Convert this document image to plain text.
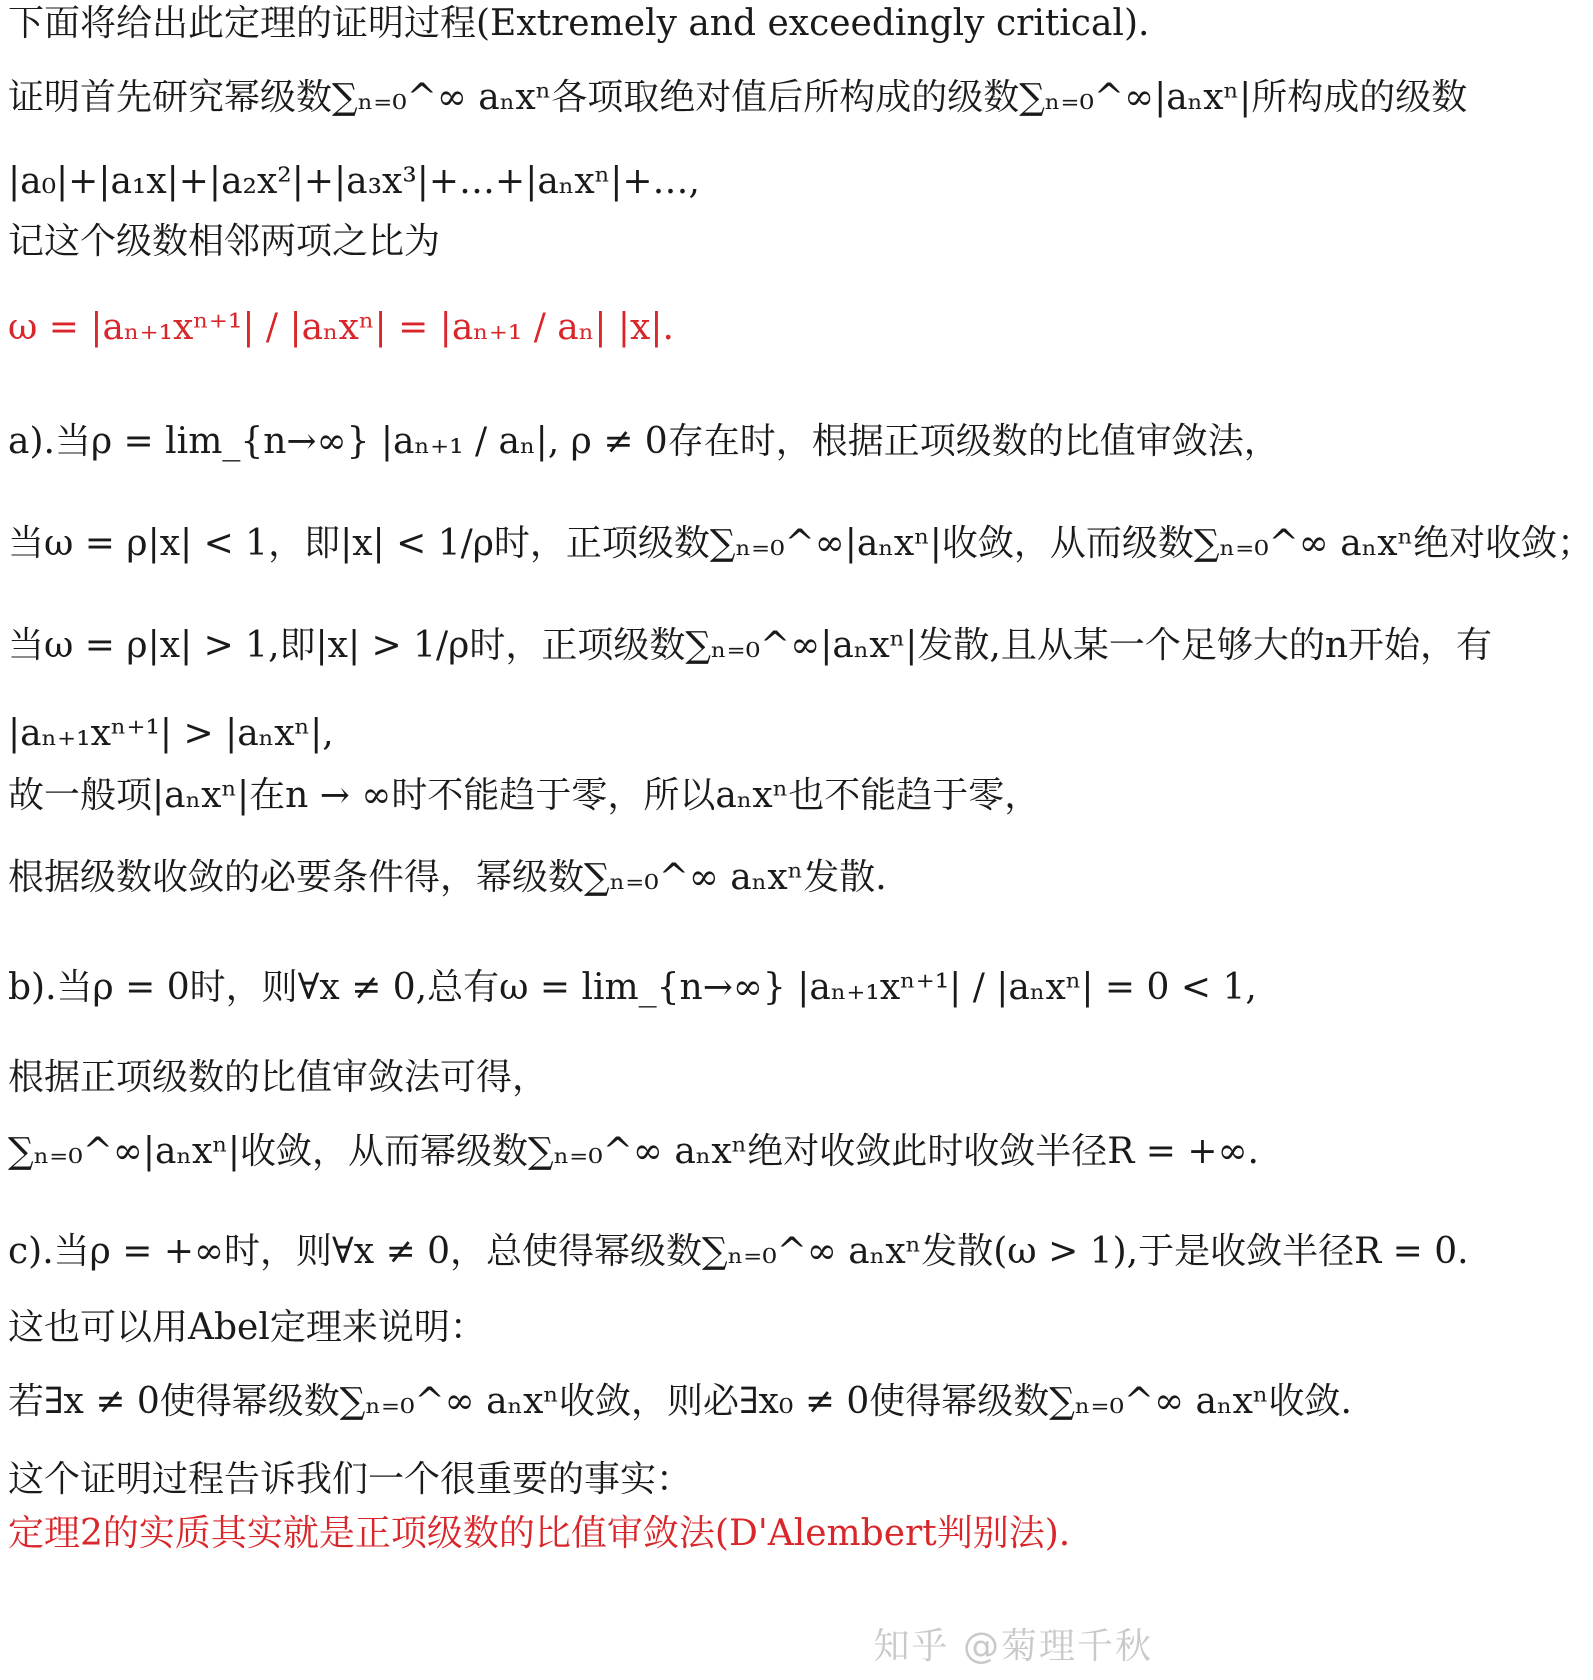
下面将给出此定理的证明过程(Extremely and exceedingly critical).
证明首先研究幂级数∑ₙ₌₀^∞ aₙxⁿ各项取绝对值后所构成的级数∑ₙ₌₀^∞|aₙxⁿ|所构成的级数
|a₀|+|a₁x|+|a₂x²|+|a₃x³|+…+|aₙxⁿ|+…,
记这个级数相邻两项之比为
ω = |aₙ₊₁xⁿ⁺¹| / |aₙxⁿ| = |aₙ₊₁ / aₙ| |x|.
a).当ρ = lim_{n→∞} |aₙ₊₁ / aₙ|, ρ ≠ 0存在时，根据正项级数的比值审敛法，
当ω = ρ|x| < 1，即|x| < 1/ρ时，正项级数∑ₙ₌₀^∞|aₙxⁿ|收敛，从而级数∑ₙ₌₀^∞ aₙxⁿ绝对收敛；
当ω = ρ|x| > 1,即|x| > 1/ρ时，正项级数∑ₙ₌₀^∞|aₙxⁿ|发散,且从某一个足够大的n开始，有
|aₙ₊₁xⁿ⁺¹| > |aₙxⁿ|,
故一般项|aₙxⁿ|在n → ∞时不能趋于零，所以aₙxⁿ也不能趋于零，
根据级数收敛的必要条件得，幂级数∑ₙ₌₀^∞ aₙxⁿ发散.
b).当ρ = 0时，则∀x ≠ 0,总有ω = lim_{n→∞} |aₙ₊₁xⁿ⁺¹| / |aₙxⁿ| = 0 < 1,
根据正项级数的比值审敛法可得，
∑ₙ₌₀^∞|aₙxⁿ|收敛，从而幂级数∑ₙ₌₀^∞ aₙxⁿ绝对收敛此时收敛半径R = +∞.
c).当ρ = +∞时，则∀x ≠ 0，总使得幂级数∑ₙ₌₀^∞ aₙxⁿ发散(ω > 1),于是收敛半径R = 0.
这也可以用Abel定理来说明：
若∃x ≠ 0使得幂级数∑ₙ₌₀^∞ aₙxⁿ收敛，则必∃x₀ ≠ 0使得幂级数∑ₙ₌₀^∞ aₙxⁿ收敛.
这个证明过程告诉我们一个很重要的事实：
定理2的实质其实就是正项级数的比值审敛法(D'Alembert判别法).
知乎 @菊理千秋
